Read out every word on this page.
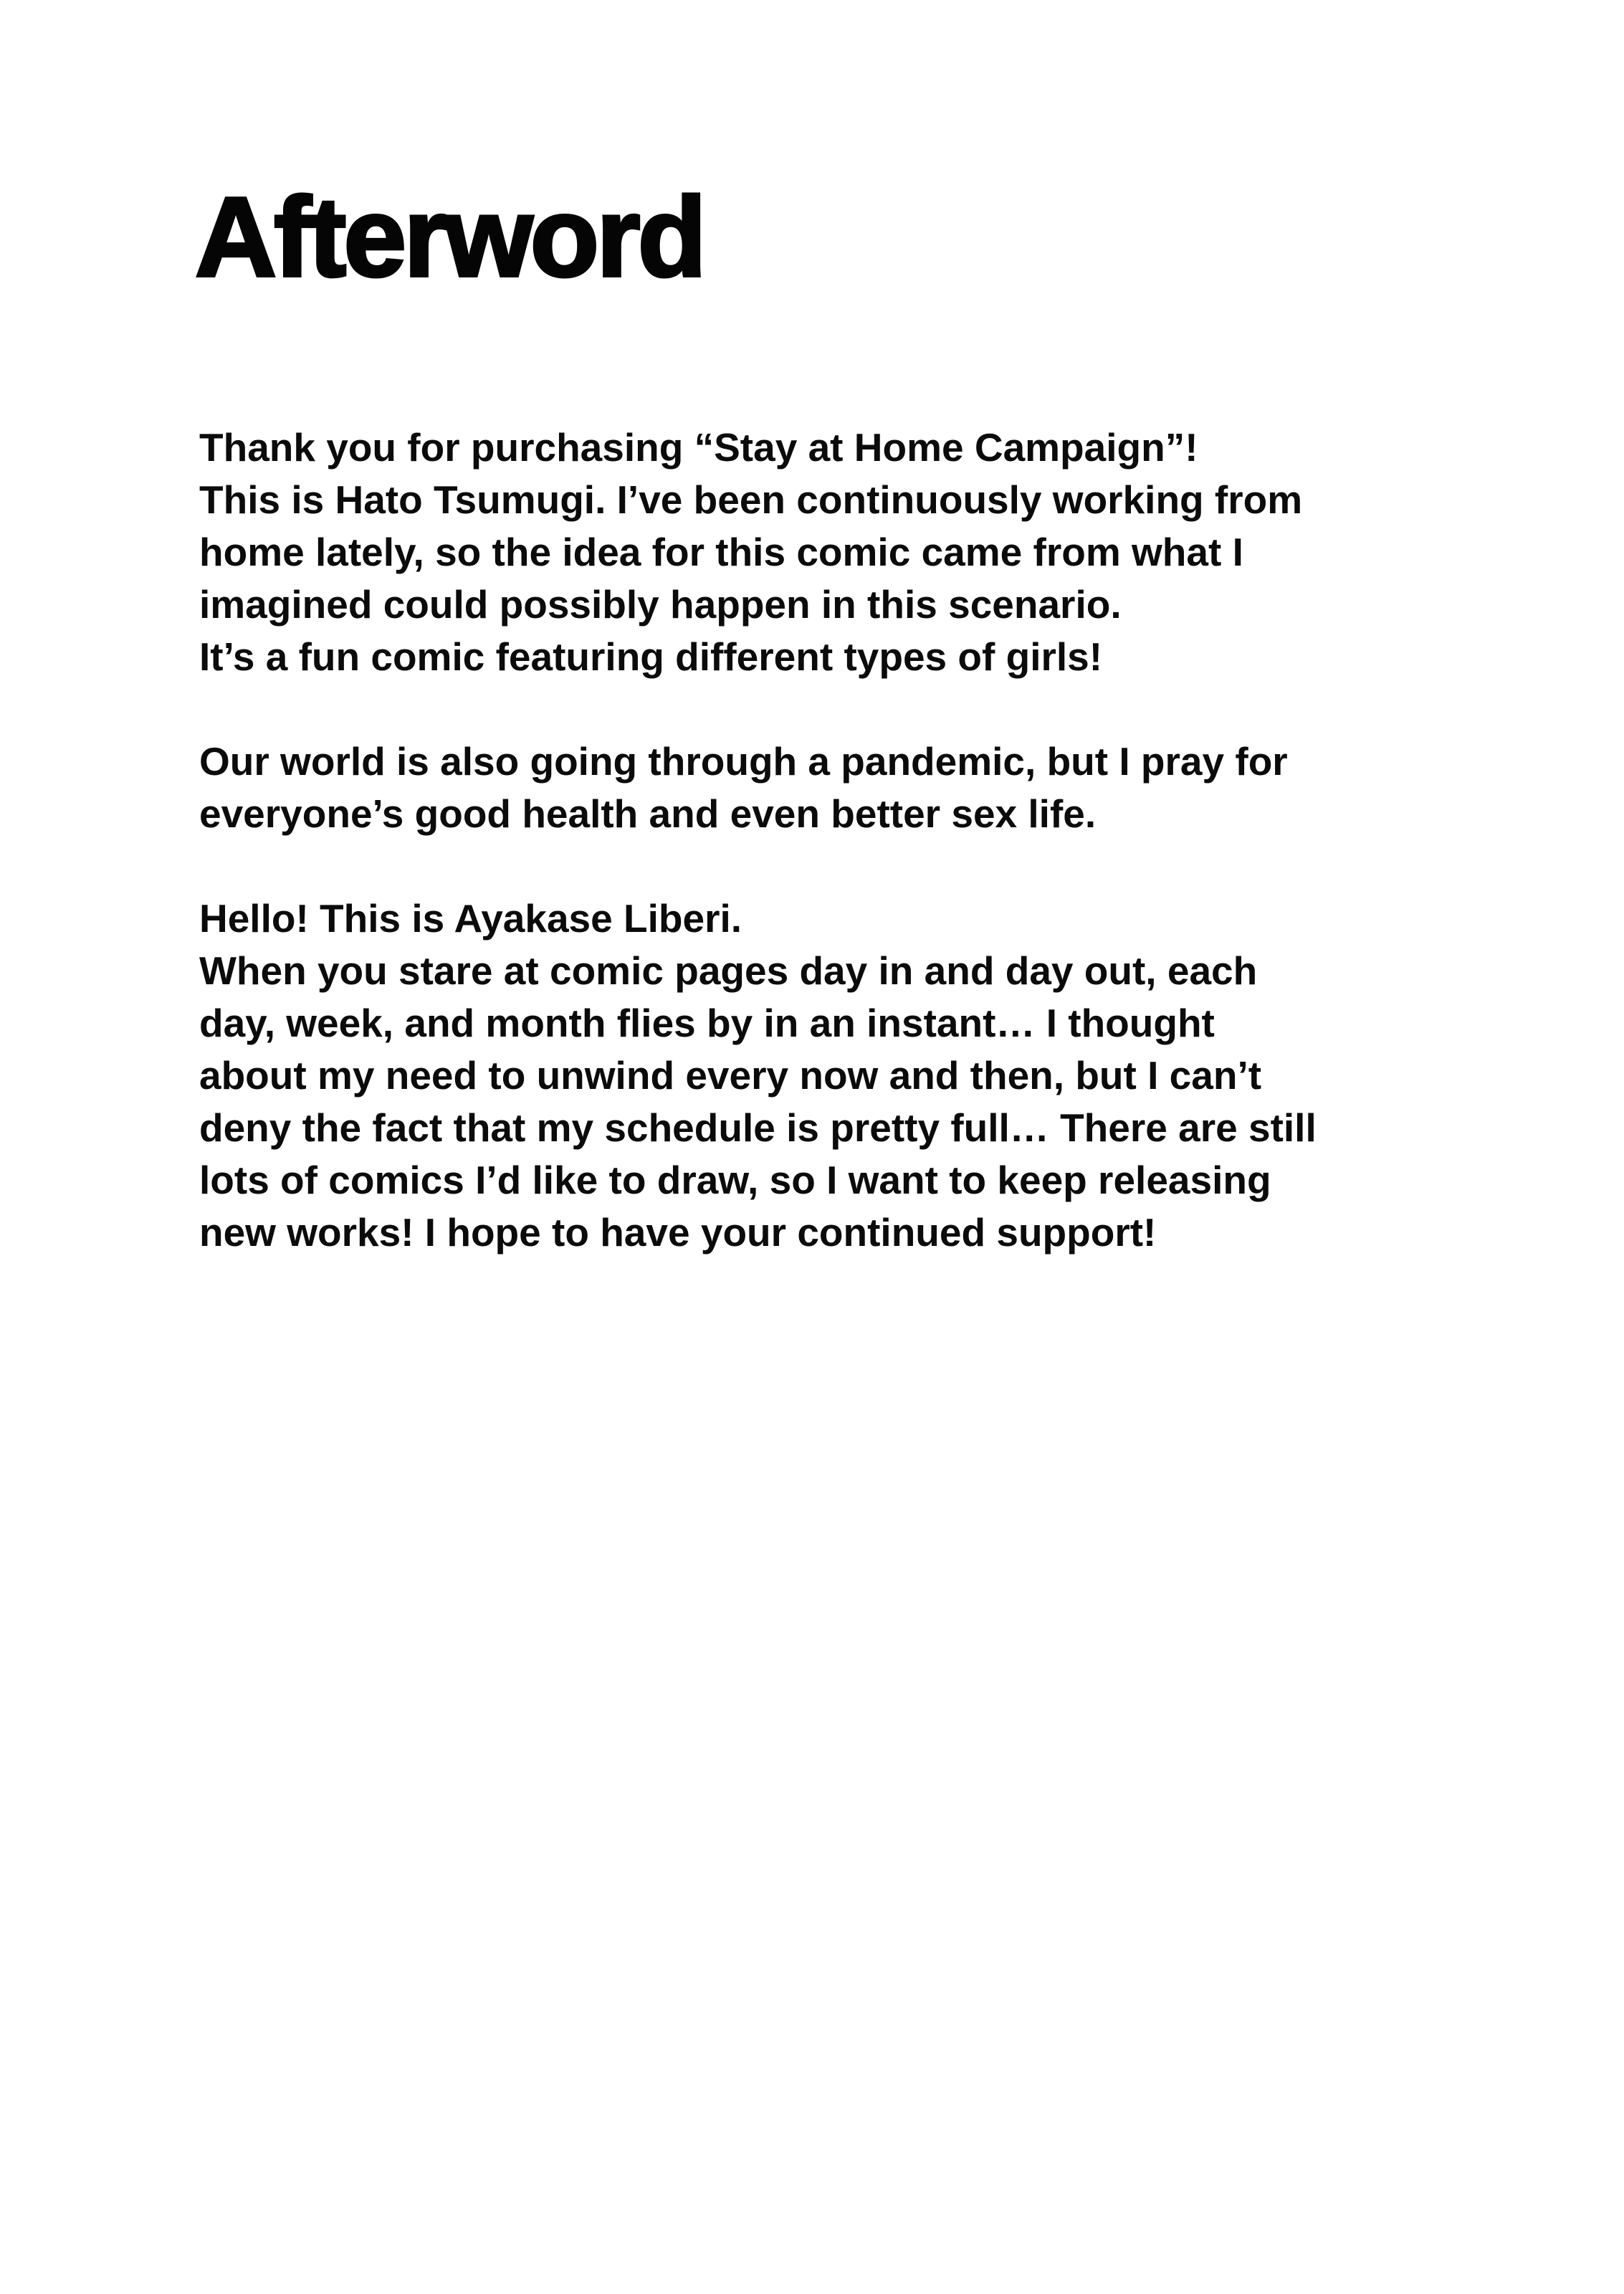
Afterword
Thank you for purchasing “Stay at Home Campaign”!
This is Hato Tsumugi. I’ve been continuously working from
home lately, so the idea for this comic came from what I
imagined could possibly happen in this scenario.
It’s a fun comic featuring different types of girls!
Our world is also going through a pandemic, but I pray for
everyone’s good health and even better sex life.
Hello! This is Ayakase Liberi.
When you stare at comic pages day in and day out, each
day, week, and month flies by in an instant… I thought
about my need to unwind every now and then, but I can’t
deny the fact that my schedule is pretty full… There are still
lots of comics I’d like to draw, so I want to keep releasing
new works! I hope to have your continued support!
